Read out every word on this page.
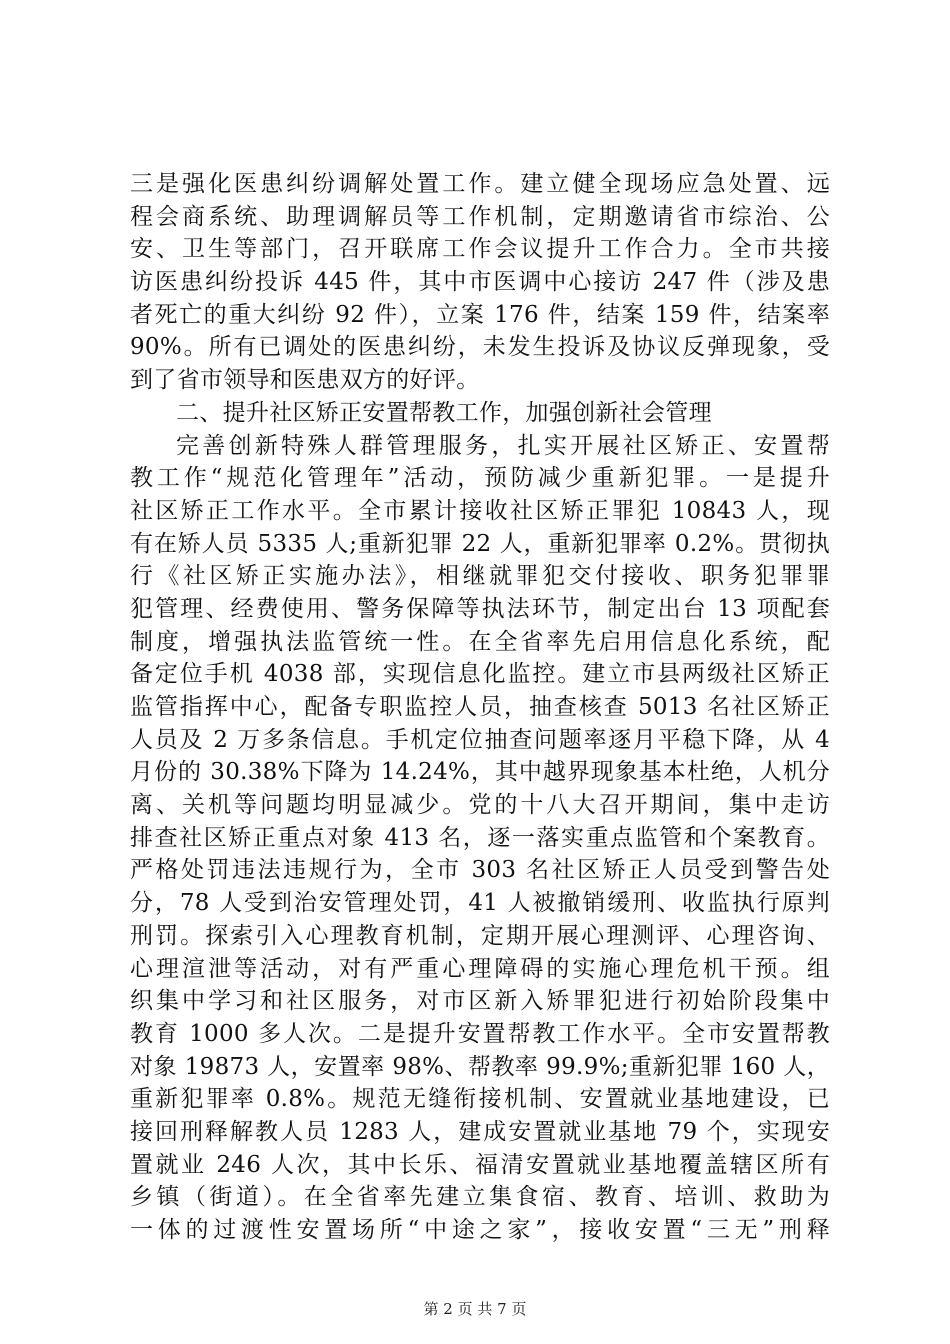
三是强化医患纠纷调解处置工作。建立健全现场应急处置、远
程会商系统、助理调解员等工作机制，定期邀请省市综治、公
安、卫生等部门，召开联席工作会议提升工作合力。全市共接
访医患纠纷投诉 445 件，其中市医调中心接访 247 件（涉及患
者死亡的重大纠纷 92 件），立案 176 件，结案 159 件，结案率
90%。所有已调处的医患纠纷，未发生投诉及协议反弹现象，受
到了省市领导和医患双方的好评。
二、提升社区矫正安置帮教工作，加强创新社会管理
完善创新特殊人群管理服务，扎实开展社区矫正、安置帮
教工作“规范化管理年”活动，预防减少重新犯罪。一是提升
社区矫正工作水平。全市累计接收社区矫正罪犯 10843 人，现
有在矫人员 5335 人;重新犯罪 22 人，重新犯罪率 0.2%。贯彻执
行《社区矫正实施办法》，相继就罪犯交付接收、职务犯罪罪
犯管理、经费使用、警务保障等执法环节，制定出台 13 项配套
制度，增强执法监管统一性。在全省率先启用信息化系统，配
备定位手机 4038 部，实现信息化监控。建立市县两级社区矫正
监管指挥中心，配备专职监控人员，抽查核查 5013 名社区矫正
人员及 2 万多条信息。手机定位抽查问题率逐月平稳下降，从 4
月份的 30.38%下降为 14.24%，其中越界现象基本杜绝，人机分
离、关机等问题均明显减少。党的十八大召开期间，集中走访
排查社区矫正重点对象 413 名，逐一落实重点监管和个案教育。
严格处罚违法违规行为，全市 303 名社区矫正人员受到警告处
分，78 人受到治安管理处罚，41 人被撤销缓刑、收监执行原判
刑罚。探索引入心理教育机制，定期开展心理测评、心理咨询、
心理渲泄等活动，对有严重心理障碍的实施心理危机干预。组
织集中学习和社区服务，对市区新入矫罪犯进行初始阶段集中
教育 1000 多人次。二是提升安置帮教工作水平。全市安置帮教
对象 19873 人，安置率 98%、帮教率 99.9%;重新犯罪 160 人，
重新犯罪率 0.8%。规范无缝衔接机制、安置就业基地建设，已
接回刑释解教人员 1283 人，建成安置就业基地 79 个，实现安
置就业 246 人次，其中长乐、福清安置就业基地覆盖辖区所有
乡镇（街道）。在全省率先建立集食宿、教育、培训、救助为
一体的过渡性安置场所“中途之家”，接收安置“三无”刑释
第 2 页 共 7 页
